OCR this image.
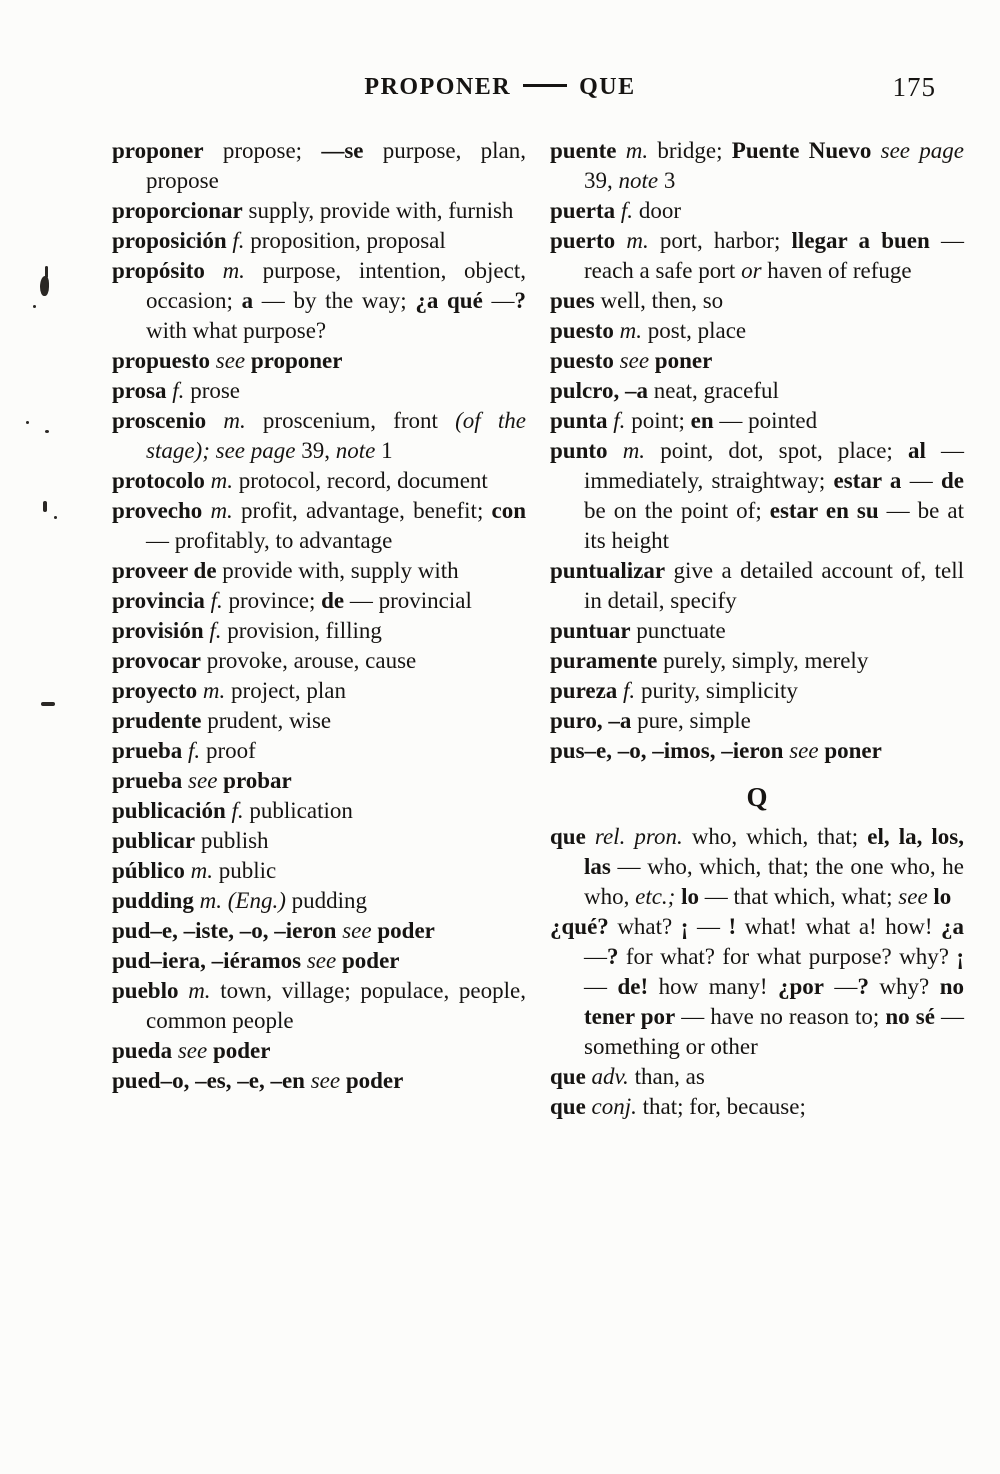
PROPONER	QUE	175
proponer propose; —se purpose, plan, propose
proporcionar supply, provide with, furnish
proposición f. proposition, proposal
propósito m. purpose, intention, object, occasion; a — by the way; ¿a qué —? with what purpose?
propuesto see proponer
prosa f. prose
proscenio m. proscenium, front (of the stage); see page 39, note 1
protocolo m. protocol, record, document
provecho m. profit, advantage, benefit; con — profitably, to advantage
proveer de provide with, supply with
provincia f. province; de — provincial
provisión f. provision, filling
provocar provoke, arouse, cause
proyecto m. project, plan
prudente prudent, wise
prueba f. proof
prueba see probar
publicación f. publication
publicar publish
público m. public
pudding m. (Eng.) pudding
pud–e, –iste, –o, –ieron see poder
pud–iera, –iéramos see poder
pueblo m. town, village; populace, people, common people
pueda see poder
pued–o, –es, –e, –en see poder
puente m. bridge; Puente Nuevo see page 39, note 3
puerta f. door
puerto m. port, harbor; llegar a buen — reach a safe port or haven of refuge
pues well, then, so
puesto m. post, place
puesto see poner
pulcro, –a neat, graceful
punta f. point; en — pointed
punto m. point, dot, spot, place; al — immediately, straightway; estar a — de be on the point of; estar en su — be at its height
puntualizar give a detailed account of, tell in detail, specify
puntuar punctuate
puramente purely, simply, merely
pureza f. purity, simplicity
puro, –a pure, simple
pus–e, –o, –imos, –ieron see poner
Q
que rel. pron. who, which, that; el, la, los, las — who, which, that; the one who, he who, etc.; lo — that which, what; see lo
¿qué? what? ¡ — ! what! what a! how! ¿a —? for what? for what purpose? why? ¡ — de! how many! ¿por —? why? no tener por — have no reason to; no sé — something or other
que adv. than, as
que conj. that; for, because;
